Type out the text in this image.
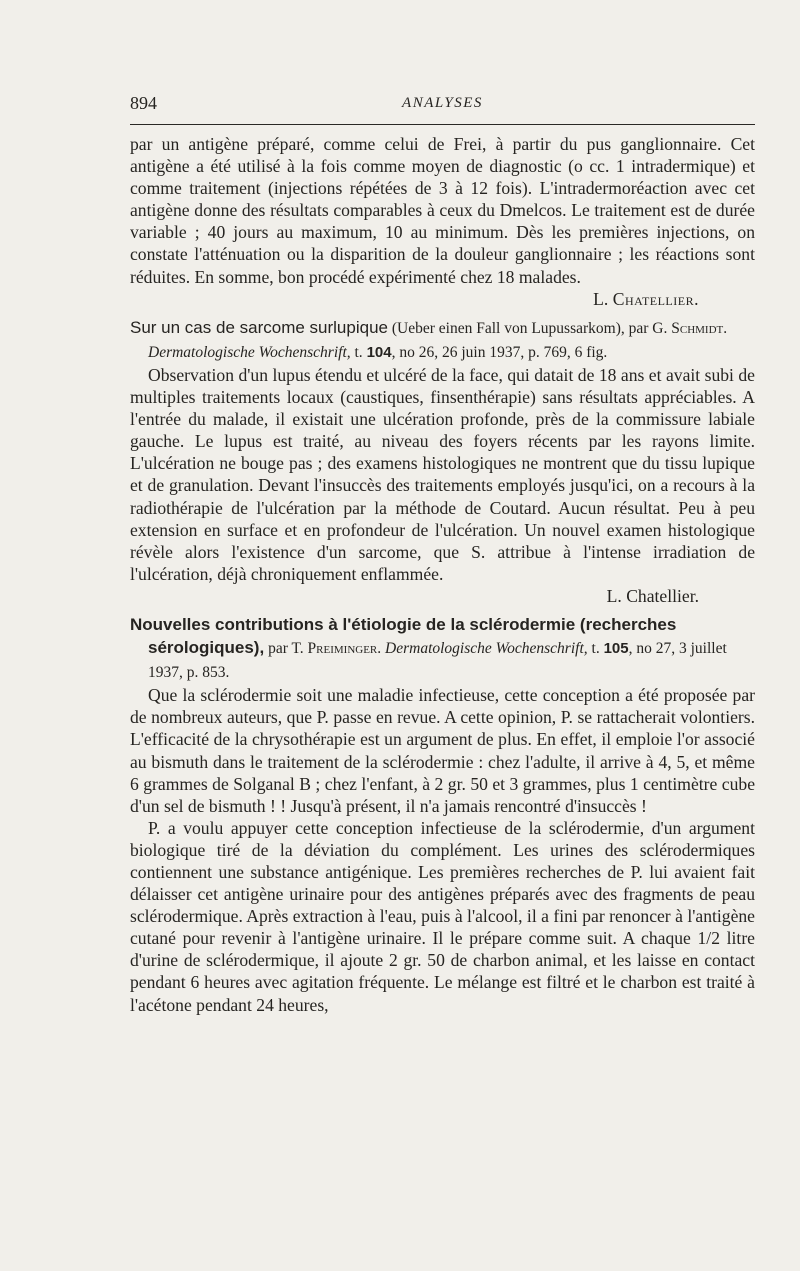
894	ANALYSES

par un antigène préparé, comme celui de Frei, à partir du pus ganglionnaire. Cet antigène a été utilisé à la fois comme moyen de diagnostic (o cc. 1 intradermique) et comme traitement (injections répétées de 3 à 12 fois). L'intradermoréaction avec cet antigène donne des résultats comparables à ceux du Dmelcos. Le traitement est de durée variable ; 40 jours au maximum, 10 au minimum. Dès les premières injections, on constate l'atténuation ou la disparition de la douleur ganglionnaire ; les réactions sont réduites. En somme, bon procédé expérimenté chez 18 malades.

L. Chatellier.

Sur un cas de sarcome surlupique (Ueber einen Fall von Lupussarkom), par G. Schmidt. Dermatologische Wochenschrift, t. 104, no 26, 26 juin 1937, p. 769, 6 fig.

Observation d'un lupus étendu et ulcéré de la face, qui datait de 18 ans et avait subi de multiples traitements locaux (caustiques, finsenthérapie) sans résultats appréciables. A l'entrée du malade, il existait une ulcération profonde, près de la commissure labiale gauche. Le lupus est traité, au niveau des foyers récents par les rayons limite. L'ulcération ne bouge pas ; des examens histologiques ne montrent que du tissu lupique et de granulation. Devant l'insuccès des traitements employés jusqu'ici, on a recours à la radiothérapie de l'ulcération par la méthode de Coutard. Aucun résultat. Peu à peu extension en surface et en profondeur de l'ulcération. Un nouvel examen histologique révèle alors l'existence d'un sarcome, que S. attribue à l'intense irradiation de l'ulcération, déjà chroniquement enflammée.

L. Chatellier.

Nouvelles contributions à l'étiologie de la sclérodermie (recherches sérologiques), par T. Preiminger. Dermatologische Wochenschrift, t. 105, no 27, 3 juillet 1937, p. 853.

Que la sclérodermie soit une maladie infectieuse, cette conception a été proposée par de nombreux auteurs, que P. passe en revue. A cette opinion, P. se rattacherait volontiers. L'efficacité de la chrysothérapie est un argument de plus. En effet, il emploie l'or associé au bismuth dans le traitement de la sclérodermie : chez l'adulte, il arrive à 4, 5, et même 6 grammes de Solganal B ; chez l'enfant, à 2 gr. 50 et 3 grammes, plus 1 centimètre cube d'un sel de bismuth ! ! Jusqu'à présent, il n'a jamais rencontré d'insuccès !

P. a voulu appuyer cette conception infectieuse de la sclérodermie, d'un argument biologique tiré de la déviation du complément. Les urines des sclérodermiques contiennent une substance antigénique. Les premières recherches de P. lui avaient fait délaisser cet antigène urinaire pour des antigènes préparés avec des fragments de peau sclérodermique. Après extraction à l'eau, puis à l'alcool, il a fini par renoncer à l'antigène cutané pour revenir à l'antigène urinaire. Il le prépare comme suit. A chaque 1/2 litre d'urine de sclérodermique, il ajoute 2 gr. 50 de charbon animal, et les laisse en contact pendant 6 heures avec agitation fréquente. Le mélange est filtré et le charbon est traité à l'acétone pendant 24 heures,
